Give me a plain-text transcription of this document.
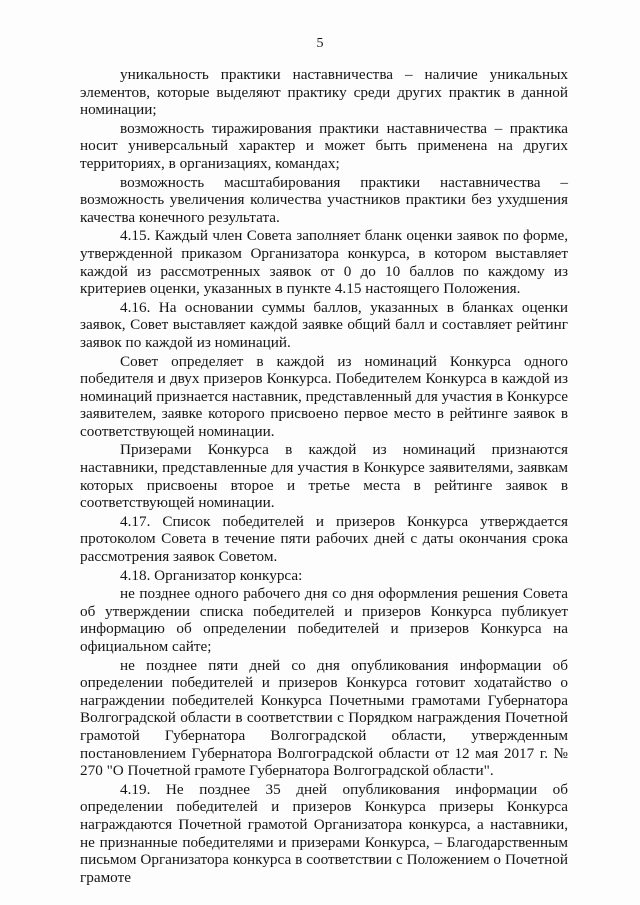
5

уникальность практики наставничества – наличие уникальных элементов, которые выделяют практику среди других практик в данной номинации;

возможность тиражирования практики наставничества – практика носит универсальный характер и может быть применена на других территориях, в организациях, командах;

возможность масштабирования практики наставничества – возможность увеличения количества участников практики без ухудшения качества конечного результата.

4.15. Каждый член Совета заполняет бланк оценки заявок по форме, утвержденной приказом Организатора конкурса, в котором выставляет каждой из рассмотренных заявок от 0 до 10 баллов по каждому из критериев оценки, указанных в пункте 4.15 настоящего Положения.

4.16. На основании суммы баллов, указанных в бланках оценки заявок, Совет выставляет каждой заявке общий балл и составляет рейтинг заявок по каждой из номинаций.

Совет определяет в каждой из номинаций Конкурса одного победителя и двух призеров Конкурса. Победителем Конкурса в каждой из номинаций признается наставник, представленный для участия в Конкурсе заявителем, заявке которого присвоено первое место в рейтинге заявок в соответствующей номинации.

Призерами Конкурса в каждой из номинаций признаются наставники, представленные для участия в Конкурсе заявителями, заявкам которых присвоены второе и третье места в рейтинге заявок в соответствующей номинации.

4.17. Список победителей и призеров Конкурса утверждается протоколом Совета в течение пяти рабочих дней с даты окончания срока рассмотрения заявок Советом.

4.18. Организатор конкурса:

не позднее одного рабочего дня со дня оформления решения Совета об утверждении списка победителей и призеров Конкурса публикует информацию об определении победителей и призеров Конкурса на официальном сайте;

не позднее пяти дней со дня опубликования информации об определении победителей и призеров Конкурса готовит ходатайство о награждении победителей Конкурса Почетными грамотами Губернатора Волгоградской области в соответствии с Порядком награждения Почетной грамотой Губернатора Волгоградской области, утвержденным постановлением Губернатора Волгоградской области от 12 мая 2017 г. № 270 "О Почетной грамоте Губернатора Волгоградской области".

4.19. Не позднее 35 дней опубликования информации об определении победителей и призеров Конкурса призеры Конкурса награждаются Почетной грамотой Организатора конкурса, а наставники, не признанные победителями и призерами Конкурса, – Благодарственным письмом Организатора конкурса в соответствии с Положением о Почетной грамоте
